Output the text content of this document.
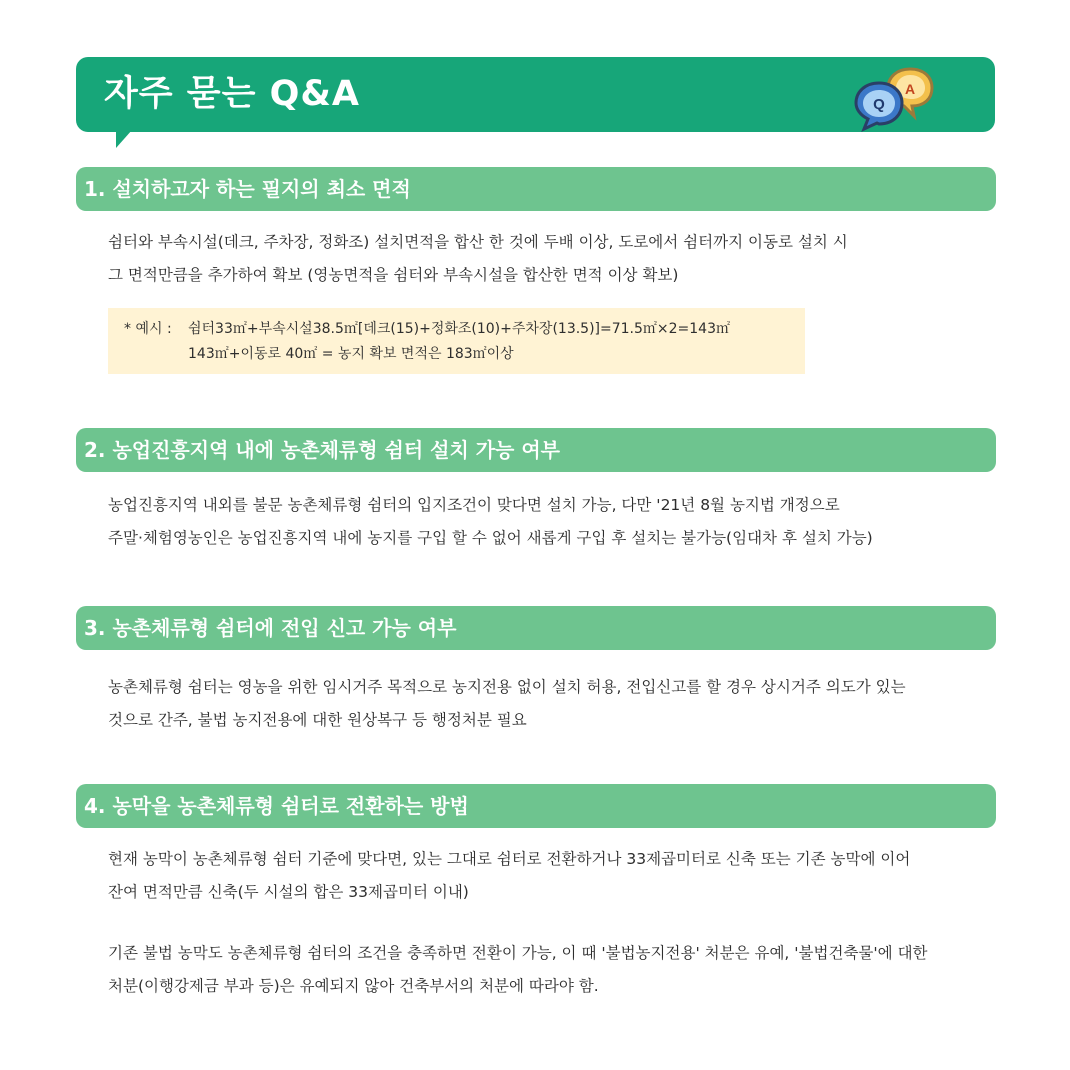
자주 묻는 Q&A	A
Q
1. 설치하고자 하는 필지의 최소 면적
쉼터와 부속시설(데크, 주차장, 정화조) 설치면적을 합산 한 것에 두배 이상, 도로에서 쉼터까지 이동로 설치 시
그 면적만큼을 추가하여 확보 (영농면적을 쉼터와 부속시설을 합산한 면적 이상 확보)
* 예시 : 쉼터33㎡+부속시설38.5㎡[데크(15)+정화조(10)+주차장(13.5)]=71.5㎡×2=143㎡
143㎡+이동로 40㎡ = 농지 확보 면적은 183㎡이상
2. 농업진흥지역 내에 농촌체류형 쉼터 설치 가능 여부
농업진흥지역 내외를 불문 농촌체류형 쉼터의 입지조건이 맞다면 설치 가능, 다만 '21년 8월 농지법 개정으로
주말·체험영농인은 농업진흥지역 내에 농지를 구입 할 수 없어 새롭게 구입 후 설치는 불가능(임대차 후 설치 가능)
3. 농촌체류형 쉼터에 전입 신고 가능 여부
농촌체류형 쉼터는 영농을 위한 임시거주 목적으로 농지전용 없이 설치 허용, 전입신고를 할 경우 상시거주 의도가 있는
것으로 간주, 불법 농지전용에 대한 원상복구 등 행정처분 필요
4. 농막을 농촌체류형 쉼터로 전환하는 방법
현재 농막이 농촌체류형 쉼터 기준에 맞다면, 있는 그대로 쉼터로 전환하거나 33제곱미터로 신축 또는 기존 농막에 이어
잔여 면적만큼 신축(두 시설의 합은 33제곱미터 이내)
기존 불법 농막도 농촌체류형 쉼터의 조건을 충족하면 전환이 가능, 이 때 '불법농지전용' 처분은 유예, '불법건축물'에 대한
처분(이행강제금 부과 등)은 유예되지 않아 건축부서의 처분에 따라야 함.
